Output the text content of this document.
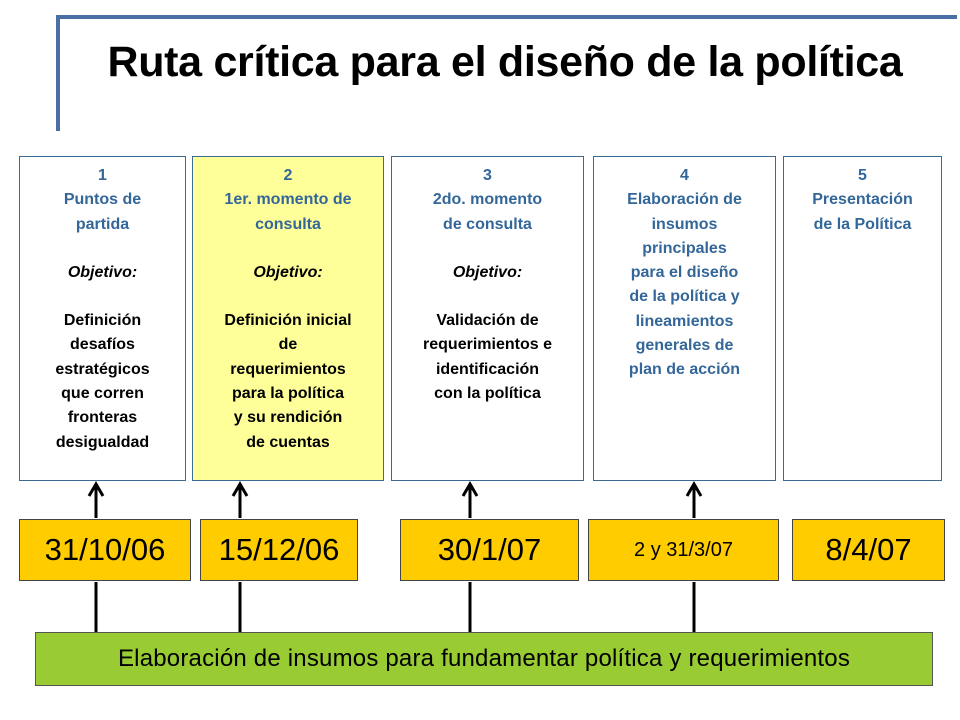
Ruta crítica para el diseño de la política
1

Puntos de
partida
Objetivo:
Definición
desafíos
estratégicos
que corren
fronteras
desigualdad
2

1er. momento de
consulta
Objetivo:
Definición inicial
de
requerimientos
para la política
y su rendición
de cuentas
3

2do. momento
de consulta
Objetivo:
Validación de
requerimientos e
identificación
con la política
4

Elaboración de
insumos
principales
para el diseño
de la política y
lineamientos
generales de
plan de acción
5

Presentación
de la Política
31/10/06	15/12/06	30/1/07	2 y 31/3/07	8/4/07
Elaboración de insumos para fundamentar política y requerimientos
